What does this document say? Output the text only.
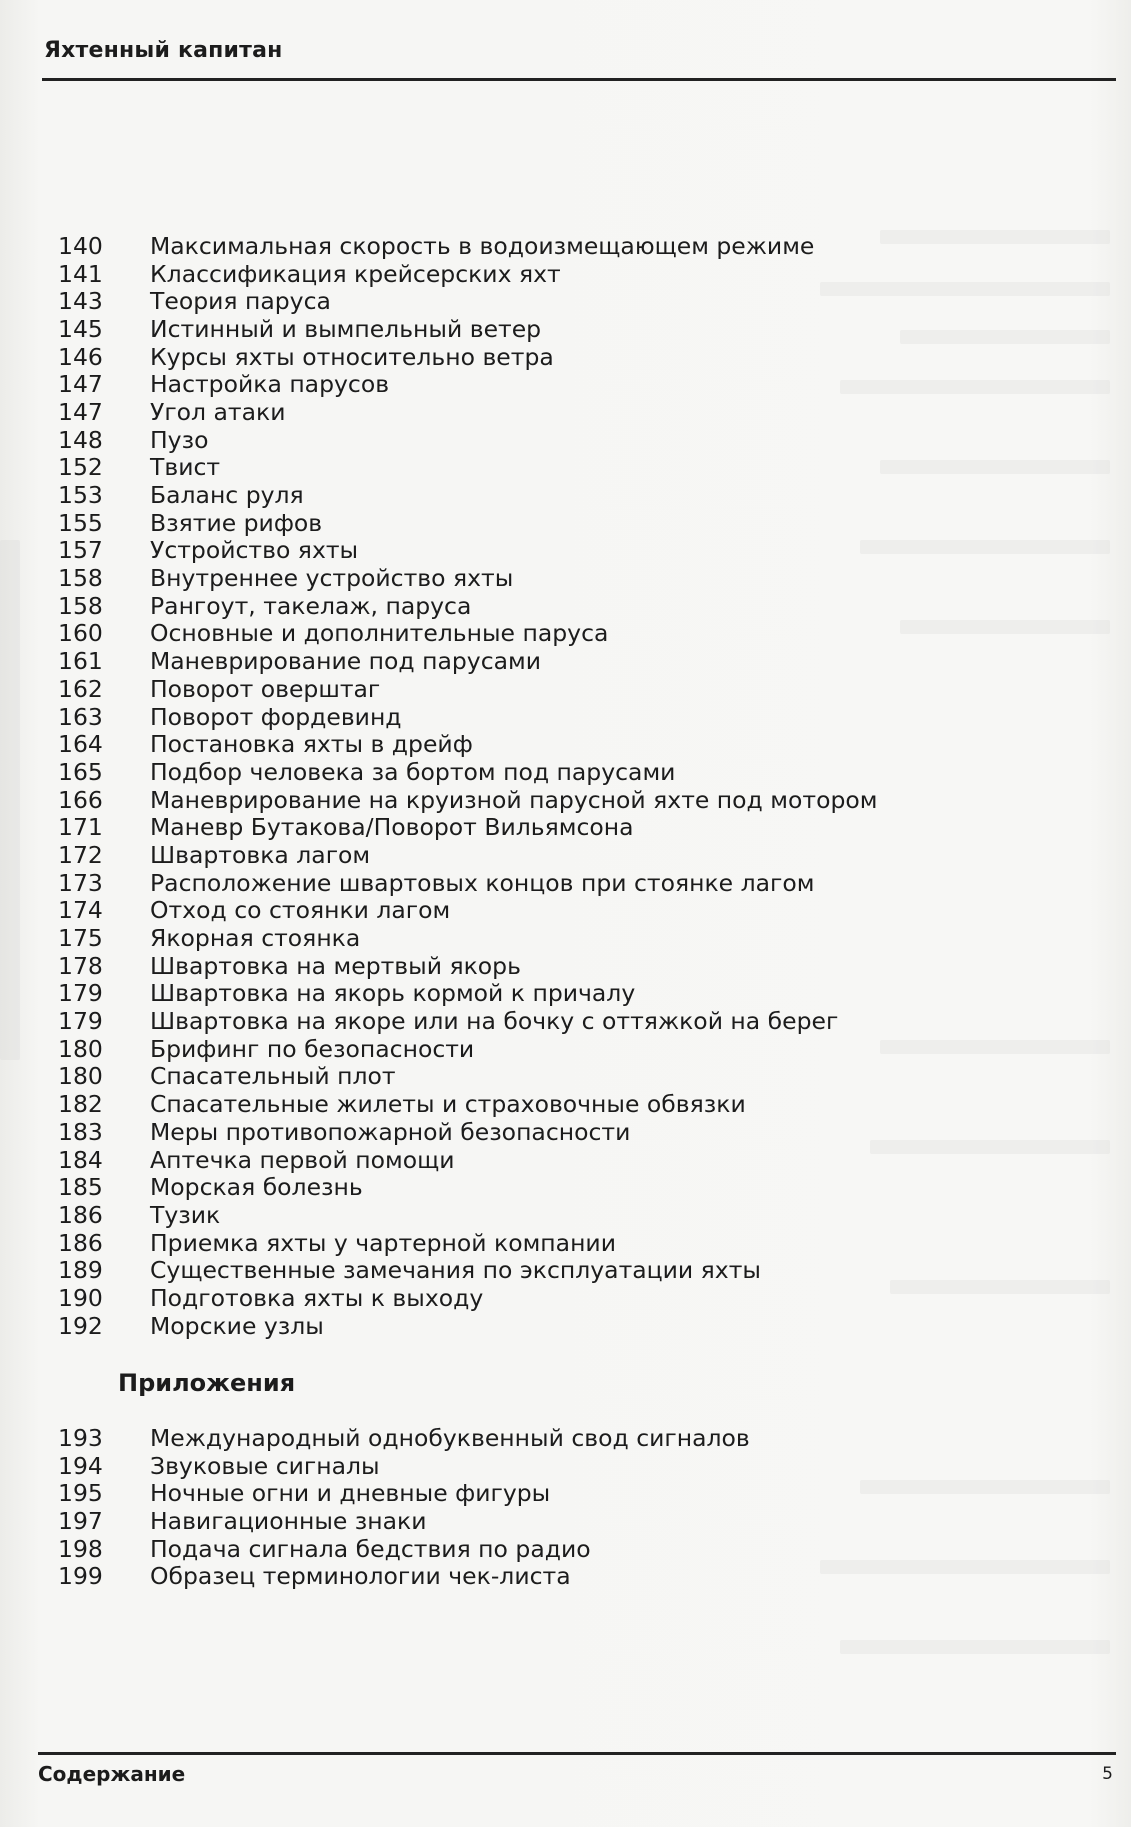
Яхтенный капитан
140	Максимальная скорость в водоизмещающем режиме
141	Классификация крейсерских яхт
143	Теория паруса
145	Истинный и вымпельный ветер
146	Курсы яхты относительно ветра
147	Настройка парусов
147	Угол атаки
148	Пузо
152	Твист
153	Баланс руля
155	Взятие рифов
157	Устройство яхты
158	Внутреннее устройство яхты
158	Рангоут, такелаж, паруса
160	Основные и дополнительные паруса
161	Маневрирование под парусами
162	Поворот оверштаг
163	Поворот фордевинд
164	Постановка яхты в дрейф
165	Подбор человека за бортом под парусами
166	Маневрирование на круизной парусной яхте под мотором
171	Маневр Бутакова/Поворот Вильямсона
172	Швартовка лагом
173	Расположение швартовых концов при стоянке лагом
174	Отход со стоянки лагом
175	Якорная стоянка
178	Швартовка на мертвый якорь
179	Швартовка на якорь кормой к причалу
179	Швартовка на якоре или на бочку с оттяжкой на берег
180	Брифинг по безопасности
180	Спасательный плот
182	Спасательные жилеты и страховочные обвязки
183	Меры противопожарной безопасности
184	Аптечка первой помощи
185	Морская болезнь
186	Тузик
186	Приемка яхты у чартерной компании
189	Существенные замечания по эксплуатации яхты
190	Подготовка яхты к выходу
192	Морские узлы
Приложения
193	Международный однобуквенный свод сигналов
194	Звуковые сигналы
195	Ночные огни и дневные фигуры
197	Навигационные знаки
198	Подача сигнала бедствия по радио
199	Образец терминологии чек-листа
Содержание	5
